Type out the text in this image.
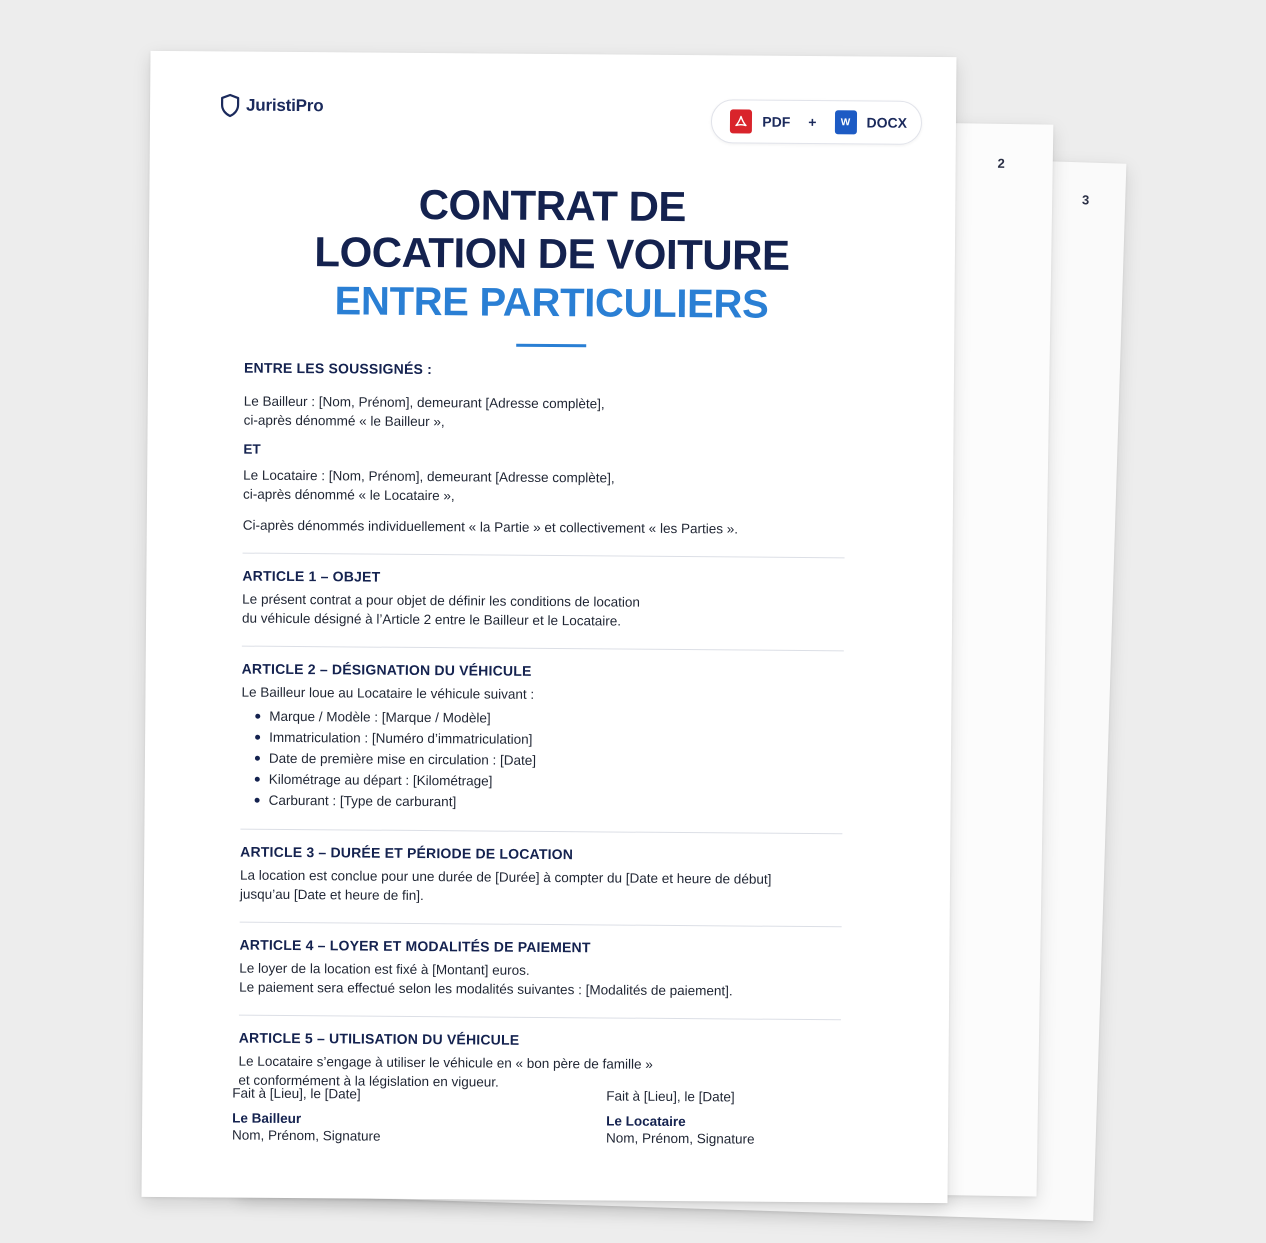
3
2
JuristiPro
PDF +	W	DOCX
CONTRAT DE
LOCATION DE VOITURE
ENTRE PARTICULIERS

ENTRE LES SOUSSIGNÉS :

Le Bailleur : [Nom, Prénom], demeurant [Adresse complète],

ci-après dénommé « le Bailleur »,

ET

Le Locataire : [Nom, Prénom], demeurant [Adresse complète],

ci-après dénommé « le Locataire »,

Ci-après dénommés individuellement « la Partie » et collectivement « les Parties ».

ARTICLE 1 – OBJET

Le présent contrat a pour objet de définir les conditions de location

du véhicule désigné à l’Article 2 entre le Bailleur et le Locataire.

ARTICLE 2 – DÉSIGNATION DU VÉHICULE

Le Bailleur loue au Locataire le véhicule suivant :

Marque / Modèle : [Marque / Modèle]
Immatriculation : [Numéro d’immatriculation]
Date de première mise en circulation : [Date]
Kilométrage au départ : [Kilométrage]
Carburant : [Type de carburant]

ARTICLE 3 – DURÉE ET PÉRIODE DE LOCATION

La location est conclue pour une durée de [Durée] à compter du [Date et heure de début]

jusqu’au [Date et heure de fin].

ARTICLE 4 – LOYER ET MODALITÉS DE PAIEMENT

Le loyer de la location est fixé à [Montant] euros.

Le paiement sera effectué selon les modalités suivantes : [Modalités de paiement].

ARTICLE 5 – UTILISATION DU VÉHICULE

Le Locataire s’engage à utiliser le véhicule en « bon père de famille »

et conformément à la législation en vigueur.

Fait à [Lieu], le [Date]

Le Bailleur

Nom, Prénom, Signature

Fait à [Lieu], le [Date]

Le Locataire

Nom, Prénom, Signature
